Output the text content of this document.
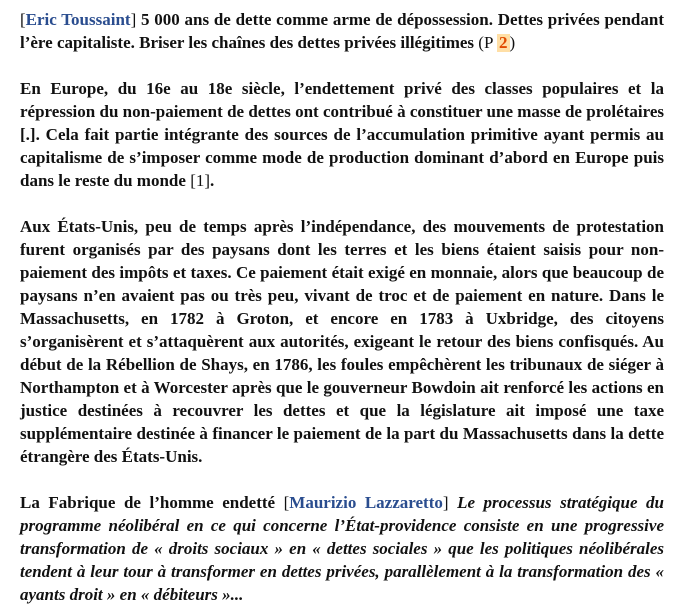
[Eric Toussaint] 5 000 ans de dette comme arme de dépossession. Dettes privées pendant l’ère capitaliste. Briser les chaînes des dettes privées illégitimes (P 2 )

En Europe, du 16e au 18e siècle, l’endettement privé des classes populaires et la répression du non-paiement de dettes ont contribué à constituer une masse de prolétaires [.]. Cela fait partie intégrante des sources de l’accumulation primitive ayant permis au capitalisme de s’imposer comme mode de production dominant d’abord en Europe puis dans le reste du monde [1].

Aux États-Unis, peu de temps après l’indépendance, des mouvements de protestation furent organisés par des paysans dont les terres et les biens étaient saisis pour non-paiement des impôts et taxes. Ce paiement était exigé en monnaie, alors que beaucoup de paysans n’en avaient pas ou très peu, vivant de troc et de paiement en nature. Dans le Massachusetts, en 1782 à Groton, et encore en 1783 à Uxbridge, des citoyens s’organisèrent et s’attaquèrent aux autorités, exigeant le retour des biens confisqués. Au début de la Rébellion de Shays, en 1786, les foules empêchèrent les tribunaux de siéger à Northampton et à Worcester après que le gouverneur Bowdoin ait renforcé les actions en justice destinées à recouvrer les dettes et que la législature ait imposé une taxe supplémentaire destinée à financer le paiement de la part du Massachusetts dans la dette étrangère des États-Unis.

La Fabrique de l’homme endetté [Maurizio Lazzaretto] Le processus stratégique du programme néolibéral en ce qui concerne l’État-providence consiste en une progressive transformation de « droits sociaux » en « dettes sociales » que les politiques néolibérales tendent à leur tour à transformer en dettes privées, parallèlement à la transformation des « ayants droit » en « débiteurs »...
